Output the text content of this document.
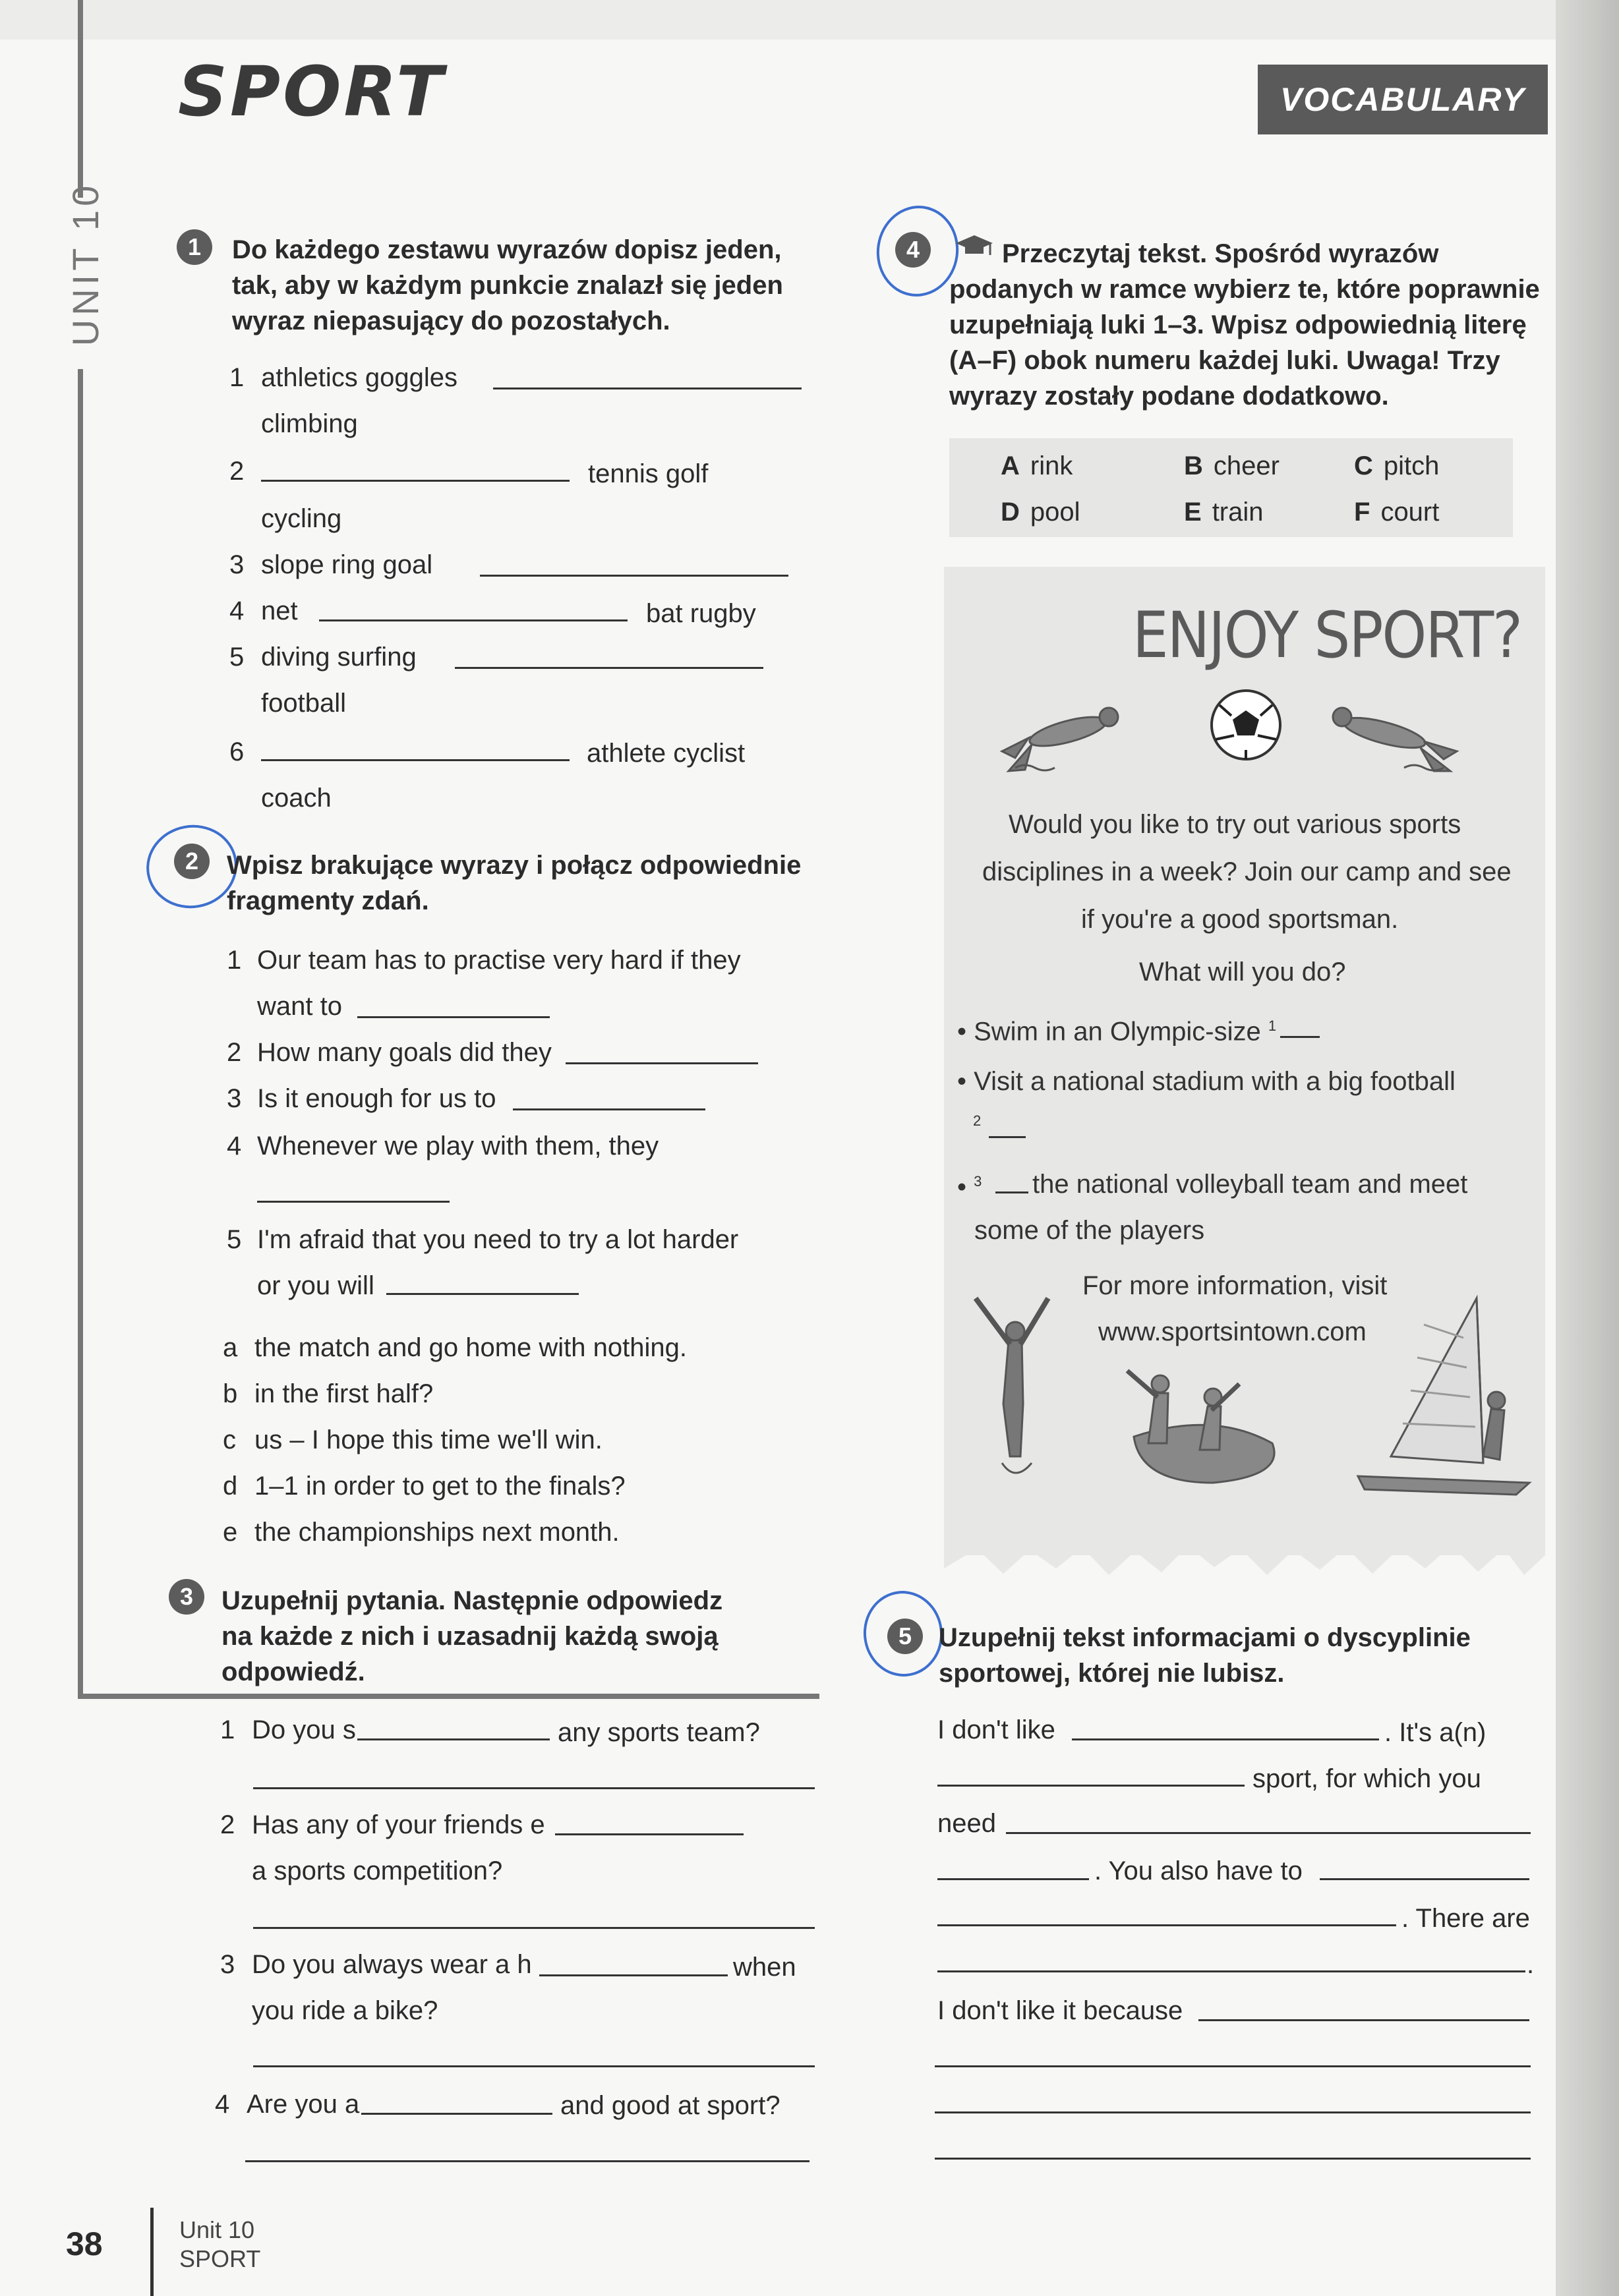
SPORT	VOCABULARY
UNIT 10	1	Do każdego zestawu wyrazów dopisz jeden,
tak, aby w każdym punkcie znalazł się jeden
wyraz niepasujący do pozostałych.
1 athletics goggles
climbing
2	tennis golf
cycling
3 slope ring goal
4 net	bat rugby
5 diving surfing
football
6	athlete cyclist
coach
2	Wpisz brakujące wyrazy i połącz odpowiednie
fragmenty zdań.
1 Our team has to practise very hard if they
want to
2 How many goals did they
3 Is it enough for us to
4 Whenever we play with them, they
5 I'm afraid that you need to try a lot harder
or you will
a the match and go home with nothing.
b in the first half?
c us – I hope this time we'll win.
d 1–1 in order to get to the finals?
e the championships next month.
3	Uzupełnij pytania. Następnie odpowiedz
na każde z nich i uzasadnij każdą swoją
odpowiedź.
1 Do you s	any sports team?
2 Has any of your friends e
a sports competition?
3 Do you always wear a h	when
you ride a bike?
4 Are you a	and good at sport?
4	Przeczytaj tekst. Spośród wyrazów
podanych w ramce wybierz te, które poprawnie
uzupełniają luki 1–3. Wpisz odpowiednią literę
(A–F) obok numeru każdej luki. Uwaga! Trzy
wyrazy zostały podane dodatkowo.
A rink	B cheer	C pitch
D pool	E train	F court
ENJOY SPORT?
Would you like to try out various sports
disciplines in a week? Join our camp and see
if you're a good sportsman.
What will you do?
• Swim in an Olympic-size $^1$
• Visit a national stadium with a big football
2
• $^3$ the national volleyball team and meet
some of the players
For more information, visit
www.sportsintown.com
5	Uzupełnij tekst informacjami o dyscyplinie
sportowej, której nie lubisz.
I don't like	. It's a(n)
sport, for which you
need
. You also have to
. There are
.
I don't like it because
38	Unit 10
SPORT
